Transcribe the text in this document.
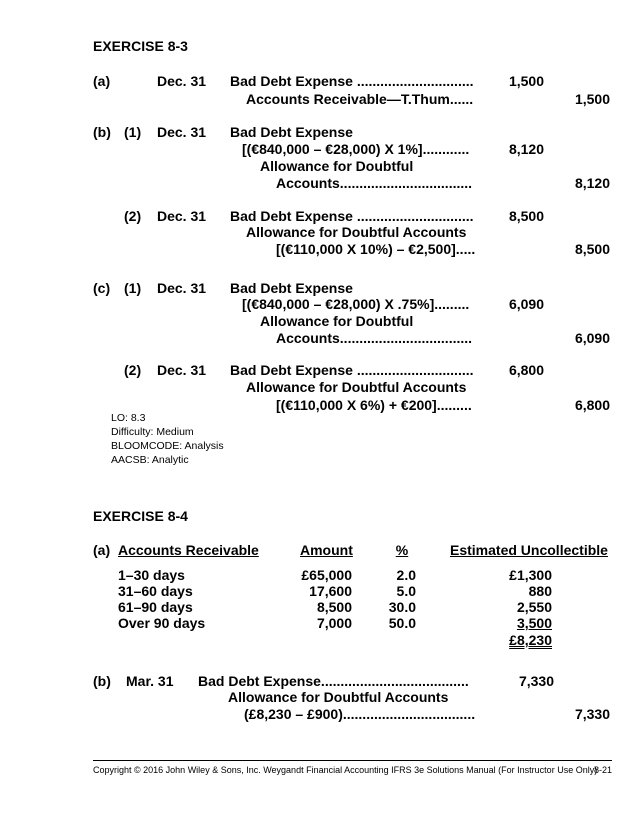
EXERCISE 8-3
(a)	Dec. 31 Bad Debt Expense ..............................	1,500
Accounts Receivable—T.Thum......	1,500
(b) (1) Dec. 31 Bad Debt Expense
[(€840,000 – €28,000) X 1%]............	8,120
Allowance for Doubtful
Accounts..................................	8,120
(2) Dec. 31 Bad Debt Expense ..............................	8,500
Allowance for Doubtful Accounts
[(€110,000 X 10%) – €2,500].....	8,500
(c) (1) Dec. 31 Bad Debt Expense
[(€840,000 – €28,000) X .75%].........	6,090
Allowance for Doubtful
Accounts..................................	6,090
(2) Dec. 31 Bad Debt Expense ..............................	6,800
Allowance for Doubtful Accounts
[(€110,000 X 6%) + €200].........	6,800
LO: 8.3
Difficulty: Medium
BLOOMCODE: Analysis
AACSB: Analytic
EXERCISE 8-4
(a) Accounts Receivable	Amount	%	Estimated Uncollectible
1–30 days	£65,000	2.0	£1,300
31–60 days	17,600	5.0	880
61–90 days	8,500	30.0	2,550
Over 90 days	7,000	50.0	3,500
£8,230
(b) Mar. 31 Bad Debt Expense......................................	7,330
Allowance for Doubtful Accounts
(£8,230 – £900)..................................	7,330
Copyright © 2016 John Wiley & Sons, Inc. Weygandt Financial Accounting IFRS 3e Solutions Manual (For Instructor Use Only)
8-21
